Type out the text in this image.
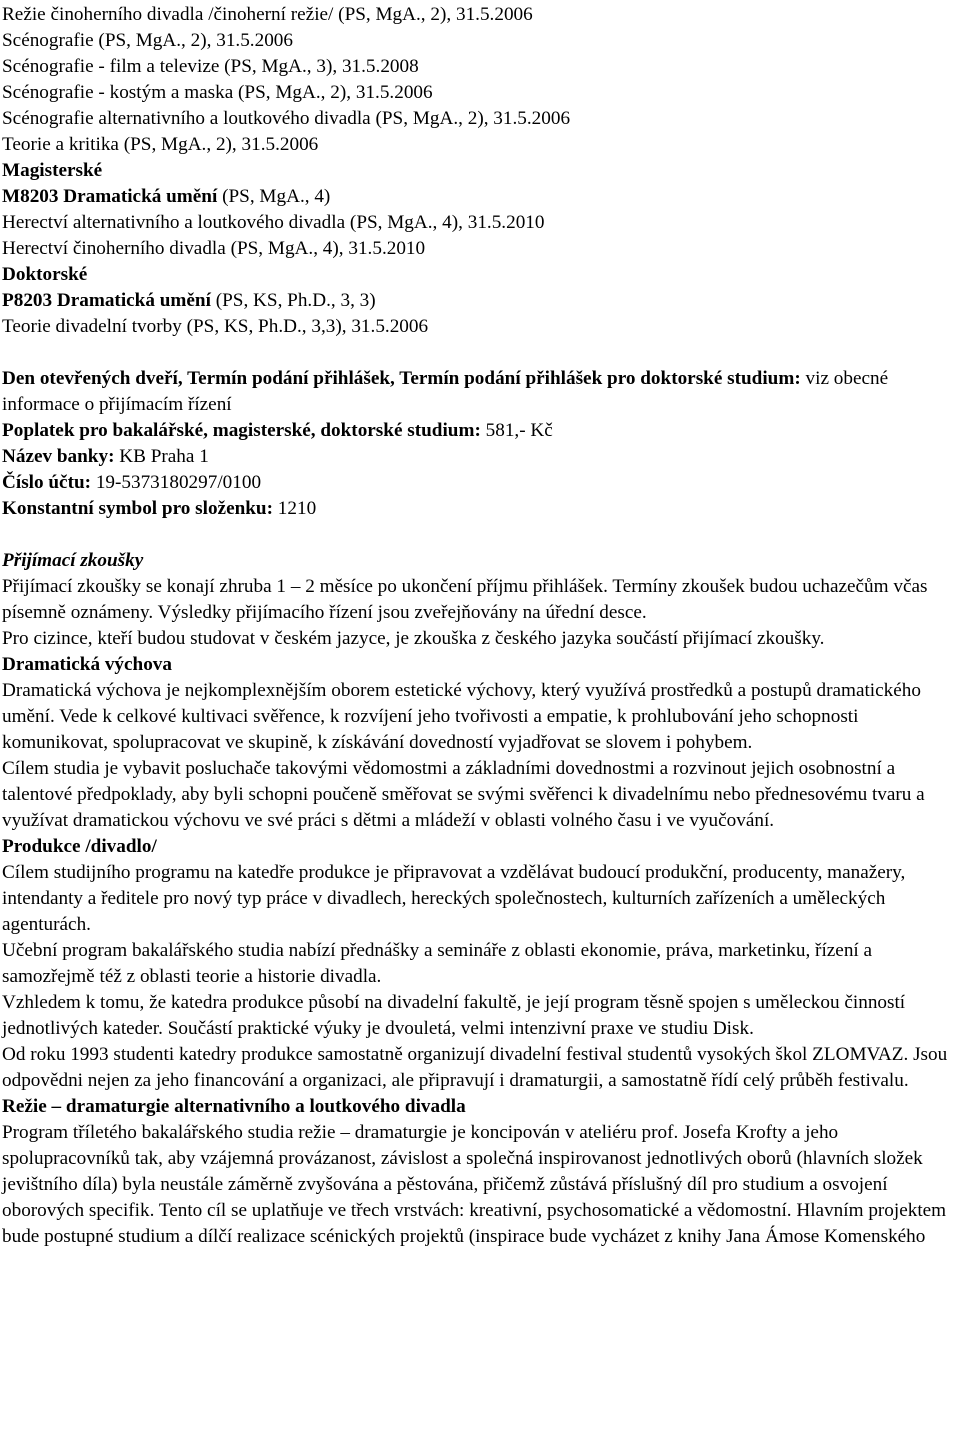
Režie činoherního divadla /činoherní režie/ (PS, MgA., 2), 31.5.2006
Scénografie (PS, MgA., 2), 31.5.2006
Scénografie - film a televize (PS, MgA., 3), 31.5.2008
Scénografie - kostým a maska (PS, MgA., 2), 31.5.2006
Scénografie alternativního a loutkového divadla (PS, MgA., 2), 31.5.2006
Teorie a kritika (PS, MgA., 2), 31.5.2006
Magisterské
M8203 Dramatická umění (PS, MgA., 4)
Herectví alternativního a loutkového divadla (PS, MgA., 4), 31.5.2010
Herectví činoherního divadla (PS, MgA., 4), 31.5.2010
Doktorské
P8203 Dramatická umění (PS, KS, Ph.D., 3, 3)
Teorie divadelní tvorby (PS, KS, Ph.D., 3,3), 31.5.2006

Den otevřených dveří, Termín podání přihlášek, Termín podání přihlášek pro doktorské studium: viz obecné informace o přijímacím řízení

Poplatek pro bakalářské, magisterské, doktorské studium: 581,- Kč

Název banky: KB Praha 1

Číslo účtu: 19-5373180297/0100

Konstantní symbol pro složenku: 1210

Přijímací zkoušky

Přijímací zkoušky se konají zhruba 1 – 2 měsíce po ukončení příjmu přihlášek. Termíny zkoušek budou uchazečům včas písemně oznámeny. Výsledky přijímacího řízení jsou zveřejňovány na úřední desce.

Pro cizince, kteří budou studovat v českém jazyce, je zkouška z českého jazyka součástí přijímací zkoušky.

Dramatická výchova

Dramatická výchova je nejkomplexnějším oborem estetické výchovy, který využívá prostředků a postupů dramatického umění. Vede k celkové kultivaci svěřence, k rozvíjení jeho tvořivosti a empatie, k prohlubování jeho schopnosti komunikovat, spolupracovat ve skupině, k získávání dovedností vyjadřovat se slovem i pohybem.

Cílem studia je vybavit posluchače takovými vědomostmi a základními dovednostmi a rozvinout jejich osobnostní a talentové předpoklady, aby byli schopni poučeně směřovat se svými svěřenci k divadelnímu nebo přednesovému tvaru a využívat dramatickou výchovu ve své práci s dětmi a mládeží v oblasti volného času i ve vyučování.

Produkce /divadlo/

Cílem studijního programu na katedře produkce je připravovat a vzdělávat budoucí produkční, producenty, manažery, intendanty a ředitele pro nový typ práce v divadlech, hereckých společnostech, kulturních zařízeních a uměleckých agenturách.

Učební program bakalářského studia nabízí přednášky a semináře z oblasti ekonomie, práva, marketinku, řízení a samozřejmě též z oblasti teorie a historie divadla.

Vzhledem k tomu, že katedra produkce působí na divadelní fakultě, je její program těsně spojen s uměleckou činností jednotlivých kateder. Součástí praktické výuky je dvouletá, velmi intenzivní praxe ve studiu Disk.

Od roku 1993 studenti katedry produkce samostatně organizují divadelní festival studentů vysokých škol ZLOMVAZ. Jsou odpovědni nejen za jeho financování a organizaci, ale připravují i dramaturgii, a samostatně řídí celý průběh festivalu.

Režie – dramaturgie alternativního a loutkového divadla

Program tříletého bakalářského studia režie – dramaturgie je koncipován v ateliéru prof. Josefa Krofty a jeho spolupracovníků tak, aby vzájemná provázanost, závislost a společná inspirovanost jednotlivých oborů (hlavních složek jevištního díla) byla neustále záměrně zvyšována a pěstována, přičemž zůstává příslušný díl pro studium a osvojení oborových specifik. Tento cíl se uplatňuje ve třech vrstvách: kreativní, psychosomatické a vědomostní. Hlavním projektem bude postupné studium a dílčí realizace scénických projektů (inspirace bude vycházet z knihy Jana Ámose Komenského
